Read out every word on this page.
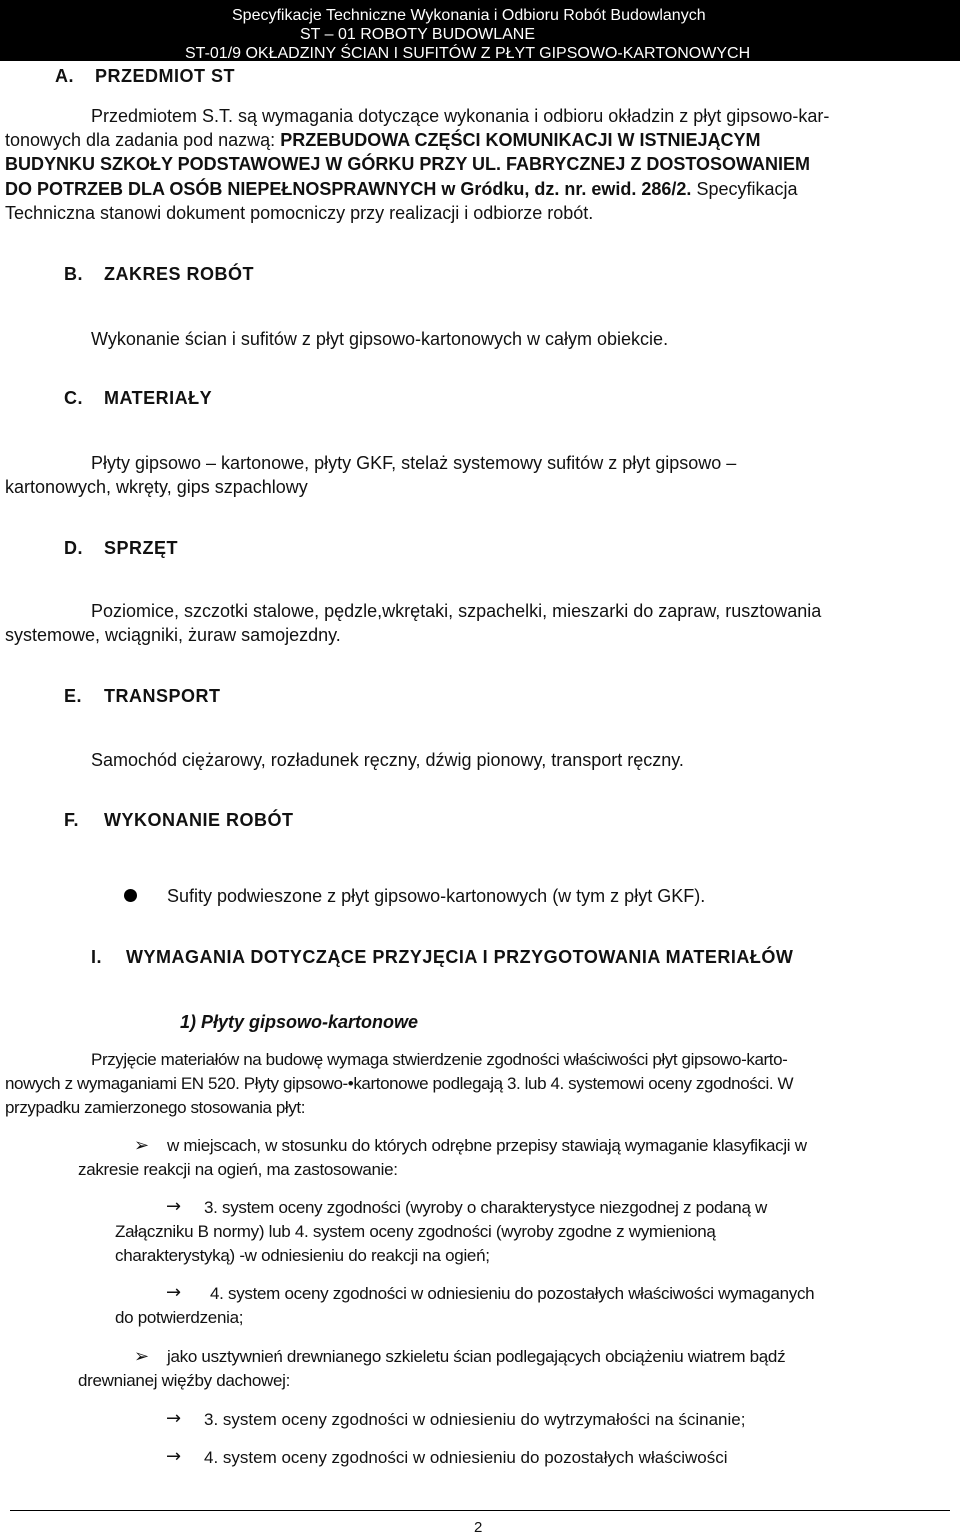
Specyfikacje Techniczne Wykonania i Odbioru Robót Budowlanych
ST – 01 ROBOTY BUDOWLANE
ST-01/9 OKŁADZINY ŚCIAN I SUFITÓW Z PŁYT GIPSOWO-KARTONOWYCH
A. PRZEDMIOT ST
Przedmiotem S.T. są wymagania dotyczące wykonania i odbioru okładzin z płyt gipsowo-kar-
tonowych dla zadania pod nazwą: PRZEBUDOWA CZĘŚCI KOMUNIKACJI W ISTNIEJĄCYM
BUDYNKU SZKOŁY PODSTAWOWEJ W GÓRKU PRZY UL. FABRYCZNEJ Z DOSTOSOWANIEM
DO POTRZEB DLA OSÓB NIEPEŁNOSPRAWNYCH w Gródku, dz. nr. ewid. 286/2. Specyfikacja
Techniczna stanowi dokument pomocniczy przy realizacji i odbiorze robót.
B. ZAKRES ROBÓT
Wykonanie ścian i sufitów z płyt gipsowo-kartonowych w całym obiekcie.
C. MATERIAŁY
Płyty gipsowo – kartonowe, płyty GKF, stelaż systemowy sufitów z płyt gipsowo –
kartonowych, wkręty, gips szpachlowy
D. SPRZĘT
Poziomice, szczotki stalowe, pędzle,wkrętaki, szpachelki, mieszarki do zapraw, rusztowania
systemowe, wciągniki, żuraw samojezdny.
E. TRANSPORT
Samochód ciężarowy, rozładunek ręczny, dźwig pionowy, transport ręczny.
F. WYKONANIE ROBÓT
Sufity podwieszone z płyt gipsowo-kartonowych (w tym z płyt GKF).
I. WYMAGANIA DOTYCZĄCE PRZYJĘCIA I PRZYGOTOWANIA MATERIAŁÓW
1) Płyty gipsowo-kartonowe
Przyjęcie materiałów na budowę wymaga stwierdzenie zgodności właściwości płyt gipsowo-karto-
nowych z wymaganiami EN 520. Płyty gipsowo-•kartonowe podlegają 3. lub 4. systemowi oceny zgodności. W
przypadku zamierzonego stosowania płyt:
➢ w miejscach, w stosunku do których odrębne przepisy stawiają wymaganie klasyfikacji w
zakresie reakcji na ogień, ma zastosowanie:
→ 3. system oceny zgodności (wyroby o charakterystyce niezgodnej z podaną w
Załączniku B normy) lub 4. system oceny zgodności (wyroby zgodne z wymienioną
charakterystyką) -w odniesieniu do reakcji na ogień;
→ 4. system oceny zgodności w odniesieniu do pozostałych właściwości wymaganych
do potwierdzenia;
➢ jako usztywnień drewnianego szkieletu ścian podlegających obciążeniu wiatrem bądź
drewnianej więźby dachowej:
→ 3. system oceny zgodności w odniesieniu do wytrzymałości na ścinanie;
→ 4. system oceny zgodności w odniesieniu do pozostałych właściwości
2
